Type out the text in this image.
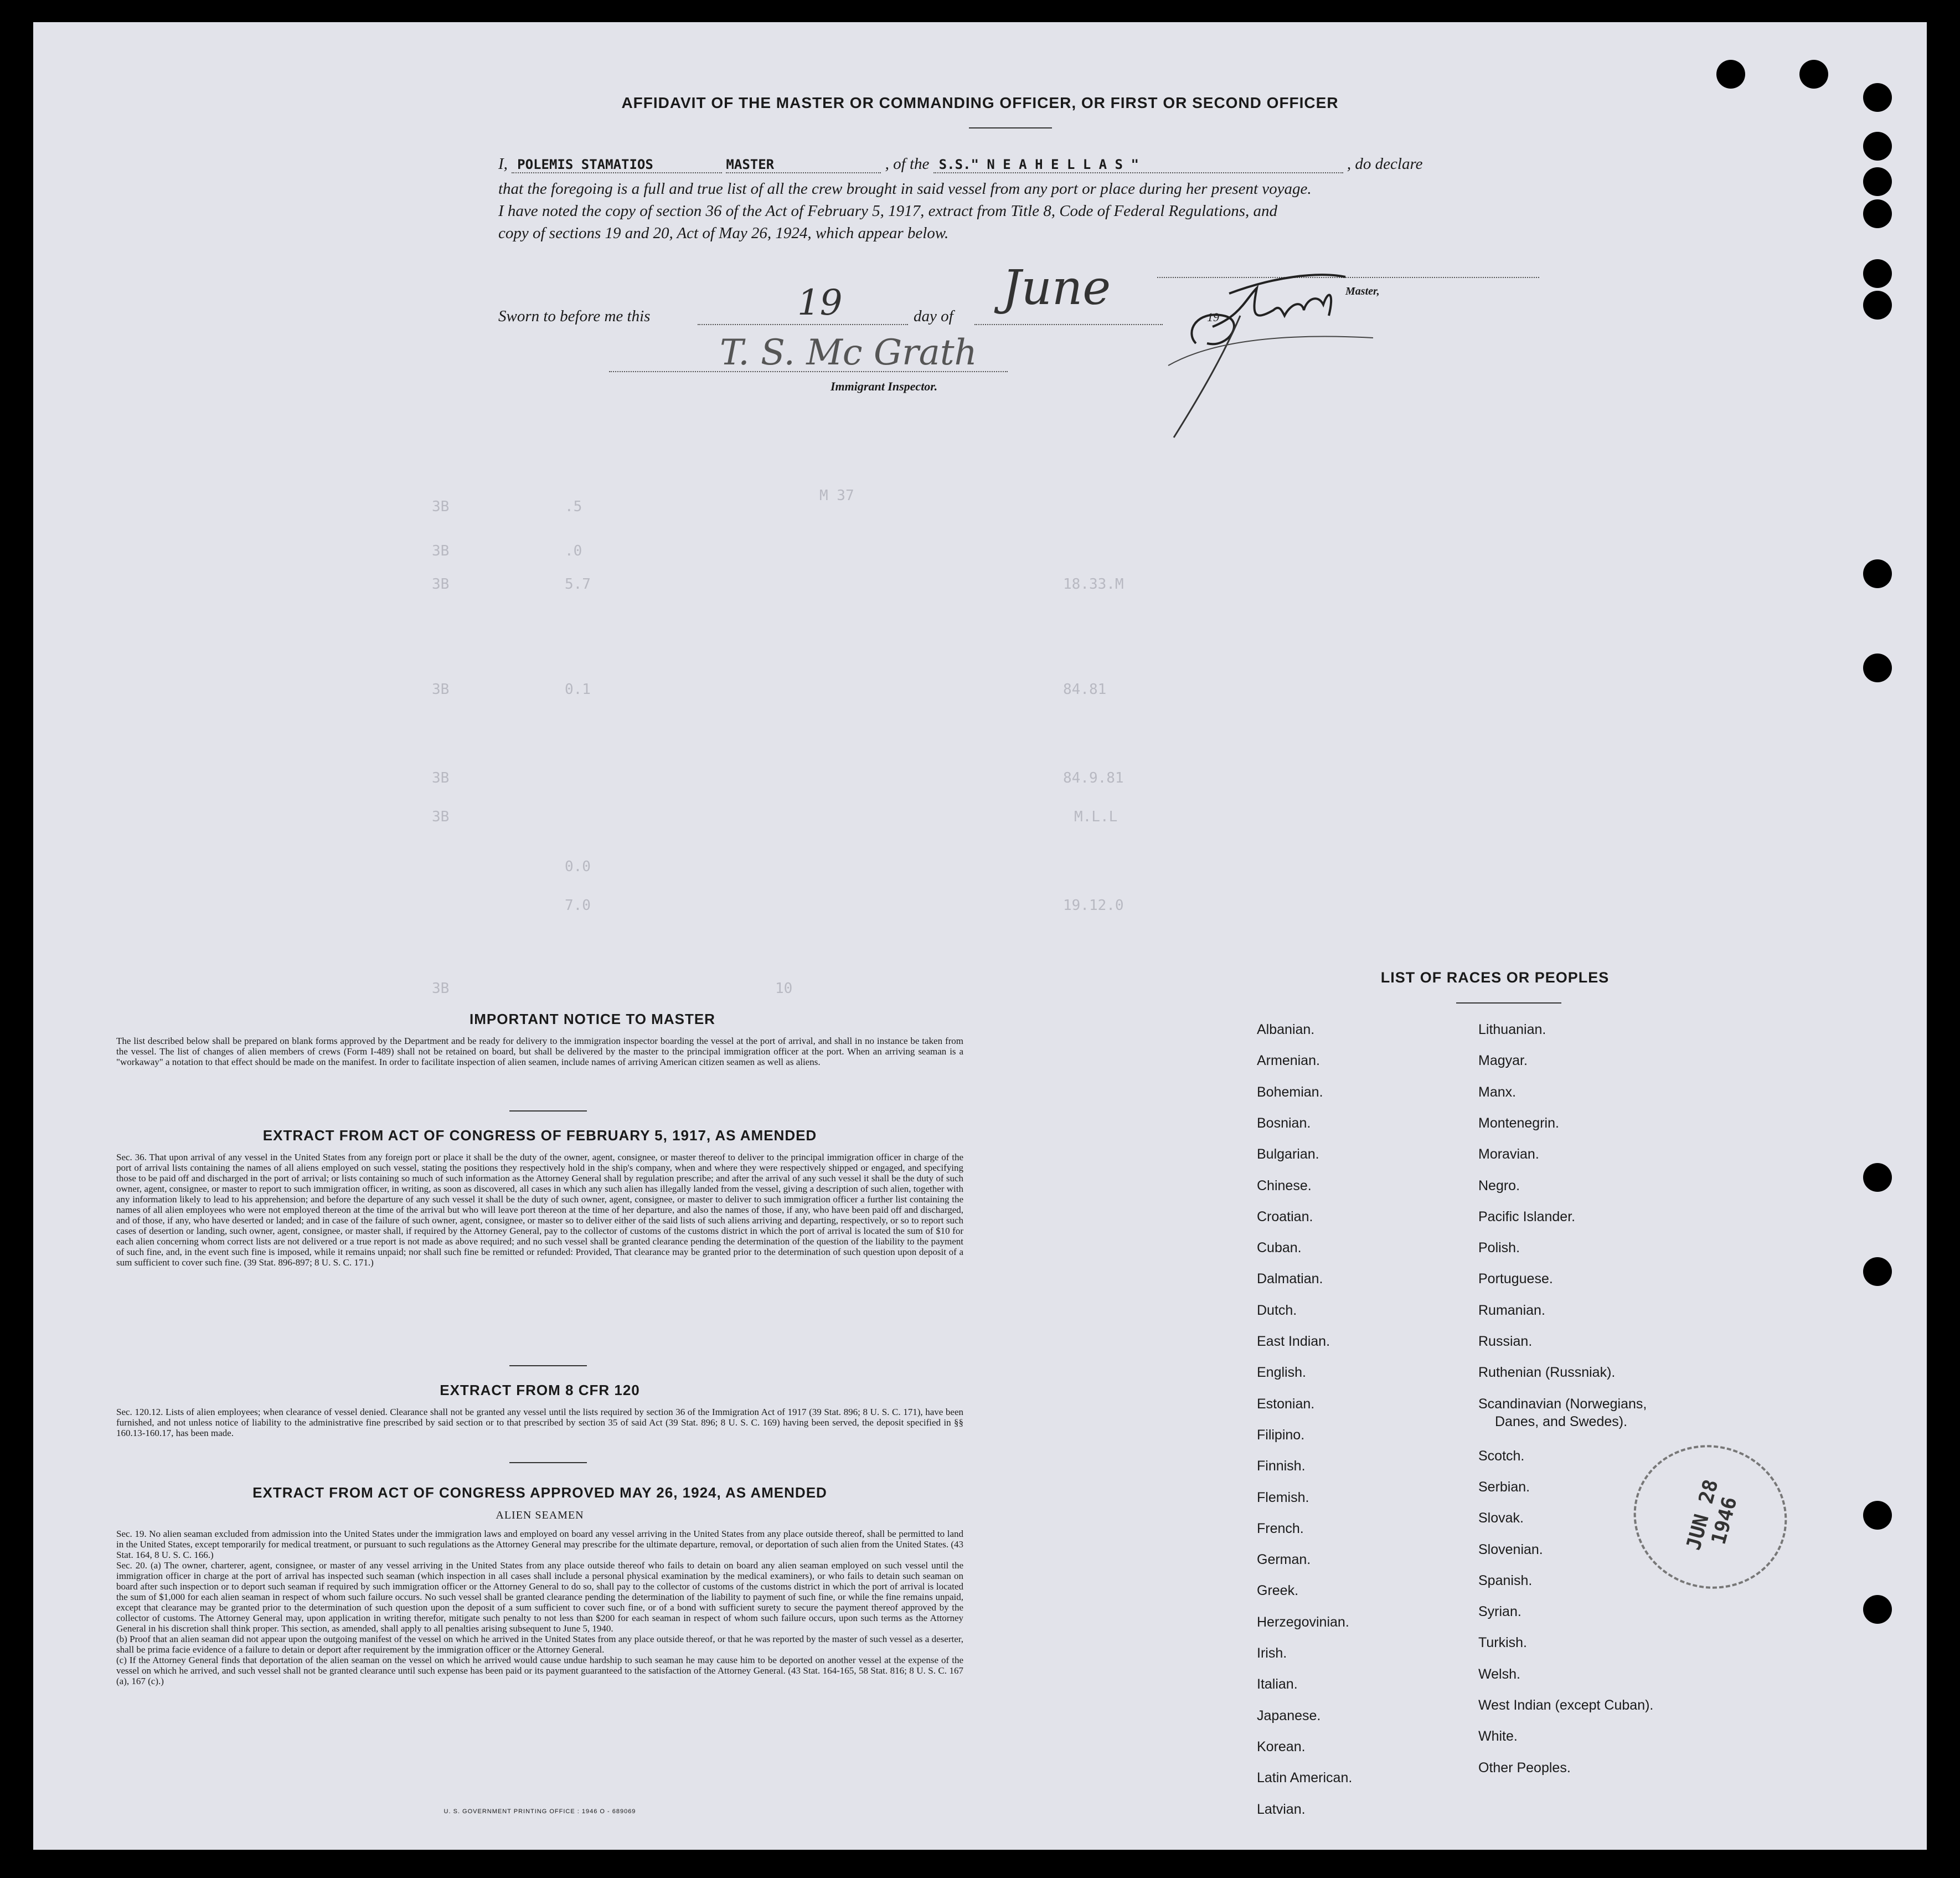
AFFIDAVIT OF THE MASTER OR COMMANDING OFFICER, OR FIRST OR SECOND OFFICER
I, POLEMIS STAMATIOS	MASTER	, of the S.S." N E A H E L L A S "	, do declare
that the foregoing is a full and true list of all the crew brought in said vessel from any port or place during her present voyage.
I have noted the copy of section 36 of the Act of February 5, 1917, extract from Title 8, Code of Federal Regulations, and
copy of sections 19 and 20, Act of May 26, 1924, which appear below.
Sworn to before me this	19	day of
June
19
Master,
T. S. Mc Grath
Immigrant Inspector.
3B	.5
M 37
3B	.0
3B	5.7	18.33.M
3B	0.1	84.81
3B	84.9.81
3B	M.L.L
0.0
19.12.0
7.0
3B	10
IMPORTANT NOTICE TO MASTER
The list described below shall be prepared on blank forms approved by the Department and be ready for delivery to the immigration inspector boarding the vessel at the port of arrival, and shall in no instance be taken from the vessel. The list of changes of alien members of crews (Form I-489) shall not be retained on board, but shall be delivered by the master to the principal immigration officer at the port. When an arriving seaman is a "workaway" a notation to that effect should be made on the manifest. In order to facilitate inspection of alien seamen, include names of arriving American citizen seamen as well as aliens.
EXTRACT FROM ACT OF CONGRESS OF FEBRUARY 5, 1917, AS AMENDED
Sec. 36. That upon arrival of any vessel in the United States from any foreign port or place it shall be the duty of the owner, agent, consignee, or master thereof to deliver to the principal immigration officer in charge of the port of arrival lists containing the names of all aliens employed on such vessel, stating the positions they respectively hold in the ship's company, when and where they were respectively shipped or engaged, and specifying those to be paid off and discharged in the port of arrival; or lists containing so much of such information as the Attorney General shall by regulation prescribe; and after the arrival of any such vessel it shall be the duty of such owner, agent, consignee, or master to report to such immigration officer, in writing, as soon as discovered, all cases in which any such alien has illegally landed from the vessel, giving a description of such alien, together with any information likely to lead to his apprehension; and before the departure of any such vessel it shall be the duty of such owner, agent, consignee, or master to deliver to such immigration officer a further list containing the names of all alien employees who were not employed thereon at the time of the arrival but who will leave port thereon at the time of her departure, and also the names of those, if any, who have been paid off and discharged, and of those, if any, who have deserted or landed; and in case of the failure of such owner, agent, consignee, or master so to deliver either of the said lists of such aliens arriving and departing, respectively, or so to report such cases of desertion or landing, such owner, agent, consignee, or master shall, if required by the Attorney General, pay to the collector of customs of the customs district in which the port of arrival is located the sum of $10 for each alien concerning whom correct lists are not delivered or a true report is not made as above required; and no such vessel shall be granted clearance pending the determination of the question of the liability to the payment of such fine, and, in the event such fine is imposed, while it remains unpaid; nor shall such fine be remitted or refunded: Provided, That clearance may be granted prior to the determination of such question upon deposit of a sum sufficient to cover such fine. (39 Stat. 896-897; 8 U. S. C. 171.)
EXTRACT FROM 8 CFR 120
Sec. 120.12. Lists of alien employees; when clearance of vessel denied. Clearance shall not be granted any vessel until the lists required by section 36 of the Immigration Act of 1917 (39 Stat. 896; 8 U. S. C. 171), have been furnished, and not unless notice of liability to the administrative fine prescribed by said section or to that prescribed by section 35 of said Act (39 Stat. 896; 8 U. S. C. 169) having been served, the deposit specified in §§ 160.13-160.17, has been made.
EXTRACT FROM ACT OF CONGRESS APPROVED MAY 26, 1924, AS AMENDED
ALIEN SEAMEN
Sec. 19. No alien seaman excluded from admission into the United States under the immigration laws and employed on board any vessel arriving in the United States from any place outside thereof, shall be permitted to land in the United States, except temporarily for medical treatment, or pursuant to such regulations as the Attorney General may prescribe for the ultimate departure, removal, or deportation of such alien from the United States. (43 Stat. 164, 8 U. S. C. 166.)
Sec. 20. (a) The owner, charterer, agent, consignee, or master of any vessel arriving in the United States from any place outside thereof who fails to detain on board any alien seaman employed on such vessel until the immigration officer in charge at the port of arrival has inspected such seaman (which inspection in all cases shall include a personal physical examination by the medical examiners), or who fails to detain such seaman on board after such inspection or to deport such seaman if required by such immigration officer or the Attorney General to do so, shall pay to the collector of customs of the customs district in which the port of arrival is located the sum of $1,000 for each alien seaman in respect of whom such failure occurs. No such vessel shall be granted clearance pending the determination of the liability to payment of such fine, or while the fine remains unpaid, except that clearance may be granted prior to the determination of such question upon the deposit of a sum sufficient to cover such fine, or of a bond with sufficient surety to secure the payment thereof approved by the collector of customs. The Attorney General may, upon application in writing therefor, mitigate such penalty to not less than $200 for each seaman in respect of whom such failure occurs, upon such terms as the Attorney General in his discretion shall think proper. This section, as amended, shall apply to all penalties arising subsequent to June 5, 1940.
(b) Proof that an alien seaman did not appear upon the outgoing manifest of the vessel on which he arrived in the United States from any place outside thereof, or that he was reported by the master of such vessel as a deserter, shall be prima facie evidence of a failure to detain or deport after requirement by the immigration officer or the Attorney General.
(c) If the Attorney General finds that deportation of the alien seaman on the vessel on which he arrived would cause undue hardship to such seaman he may cause him to be deported on another vessel at the expense of the vessel on which he arrived, and such vessel shall not be granted clearance until such expense has been paid or its payment guaranteed to the satisfaction of the Attorney General. (43 Stat. 164-165, 58 Stat. 816; 8 U. S. C. 167 (a), 167 (c).)
U. S. GOVERNMENT PRINTING OFFICE : 1946 O - 689069
LIST OF RACES OR PEOPLES
JUN 28 1946
Albanian.
Armenian.
Bohemian.
Bosnian.
Bulgarian.
Chinese.
Croatian.
Cuban.
Dalmatian.
Dutch.
East Indian.
English.
Estonian.
Filipino.
Finnish.
Flemish.
French.
German.
Greek.
Herzegovinian.
Irish.
Italian.
Japanese.
Korean.
Latin American.
Latvian.
Lithuanian.
Magyar.
Manx.
Montenegrin.
Moravian.
Negro.
Pacific Islander.
Polish.
Portuguese.
Rumanian.
Russian.
Ruthenian (Russniak).
Scandinavian (Norwegians,
Danes, and Swedes).
Scotch.
Serbian.
Slovak.
Slovenian.
Spanish.
Syrian.
Turkish.
Welsh.
West Indian (except Cuban).
White.
Other Peoples.
